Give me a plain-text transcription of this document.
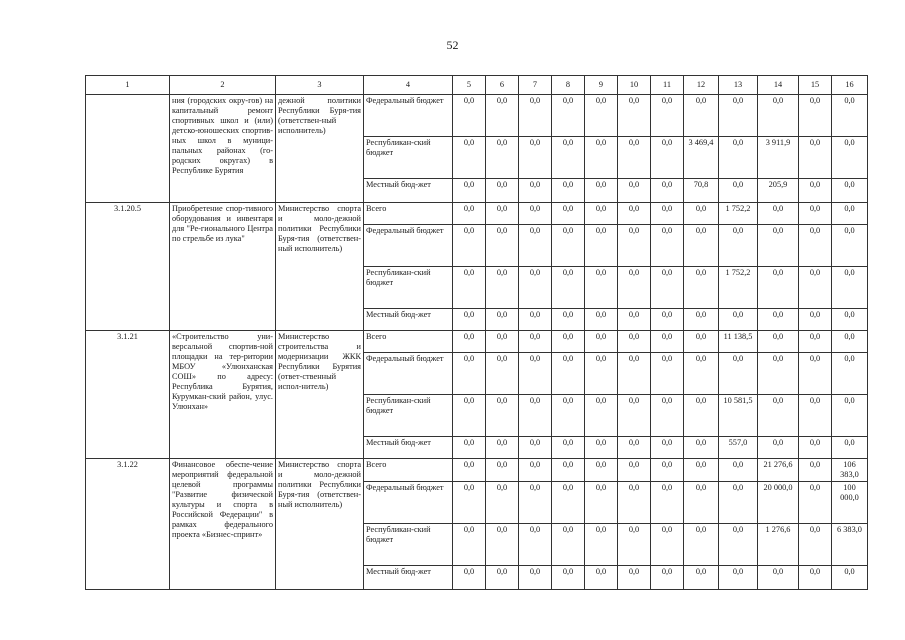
52
1	2	3	4	5	6	7	8	9	10	11	12	13	14	15	16
	ния (городских окру-гов) на капитальный ремонт спортивных школ и (или) детско-юношеских спортив-ных школ в муници-пальных районах (го-родских округах) в Республике Бурятия	дежной политики Республики Буря-тия (ответствен-ный исполнитель)	Федеральный бюджет	0,0	0,0	0,0	0,0	0,0	0,0	0,0	0,0	0,0	0,0	0,0	0,0
			Республикан-ский бюджет	0,0	0,0	0,0	0,0	0,0	0,0	0,0	3 469,4	0,0	3 911,9	0,0	0,0
			Местный бюд-жет	0,0	0,0	0,0	0,0	0,0	0,0	0,0	70,8	0,0	205,9	0,0	0,0
3.1.20.5	Приобретение спор-тивного оборудования и инвентаря для "Ре-гионального Центра по стрельбе из лука"	Министерство спорта и моло-дежной политики Республики Буря-тия (ответствен-ный исполнитель)	Всего	0,0	0,0	0,0	0,0	0,0	0,0	0,0	0,0	1 752,2	0,0	0,0	0,0
			Федеральный бюджет	0,0	0,0	0,0	0,0	0,0	0,0	0,0	0,0	0,0	0,0	0,0	0,0
			Республикан-ский бюджет	0,0	0,0	0,0	0,0	0,0	0,0	0,0	0,0	1 752,2	0,0	0,0	0,0
			Местный бюд-жет	0,0	0,0	0,0	0,0	0,0	0,0	0,0	0,0	0,0	0,0	0,0	0,0
3.1.21	«Строительство уни-версальной спортив-ной площадки на тер-ритории МБОУ «Улюнханская СОШ» по адресу: Республика Бурятия, Курумкан-ский район, улус. Улюнхан»	Министерство строительства и модернизации ЖКК Республики Бурятия (ответ-ственный испол-нитель)	Всего	0,0	0,0	0,0	0,0	0,0	0,0	0,0	0,0	11 138,5	0,0	0,0	0,0
			Федеральный бюджет	0,0	0,0	0,0	0,0	0,0	0,0	0,0	0,0	0,0	0,0	0,0	0,0
			Республикан-ский бюджет	0,0	0,0	0,0	0,0	0,0	0,0	0,0	0,0	10 581,5	0,0	0,0	0,0
			Местный бюд-жет	0,0	0,0	0,0	0,0	0,0	0,0	0,0	0,0	557,0	0,0	0,0	0,0
3.1.22	Финансовое обеспе-чение мероприятий федеральной целевой программы "Развитие физической культуры и спорта в Российской Федерации" в рамках федерального проекта «Бизнес-спринт»	Министерство спорта и моло-дежной политики Республики Буря-тия (ответствен-ный исполнитель)	Всего	0,0	0,0	0,0	0,0	0,0	0,0	0,0	0,0	0,0	21 276,6	0,0	106 383,0
			Федеральный бюджет	0,0	0,0	0,0	0,0	0,0	0,0	0,0	0,0	0,0	20 000,0	0,0	100 000,0
			Республикан-ский бюджет	0,0	0,0	0,0	0,0	0,0	0,0	0,0	0,0	0,0	1 276,6	0,0	6 383,0
			Местный бюд-жет	0,0	0,0	0,0	0,0	0,0	0,0	0,0	0,0	0,0	0,0	0,0	0,0
